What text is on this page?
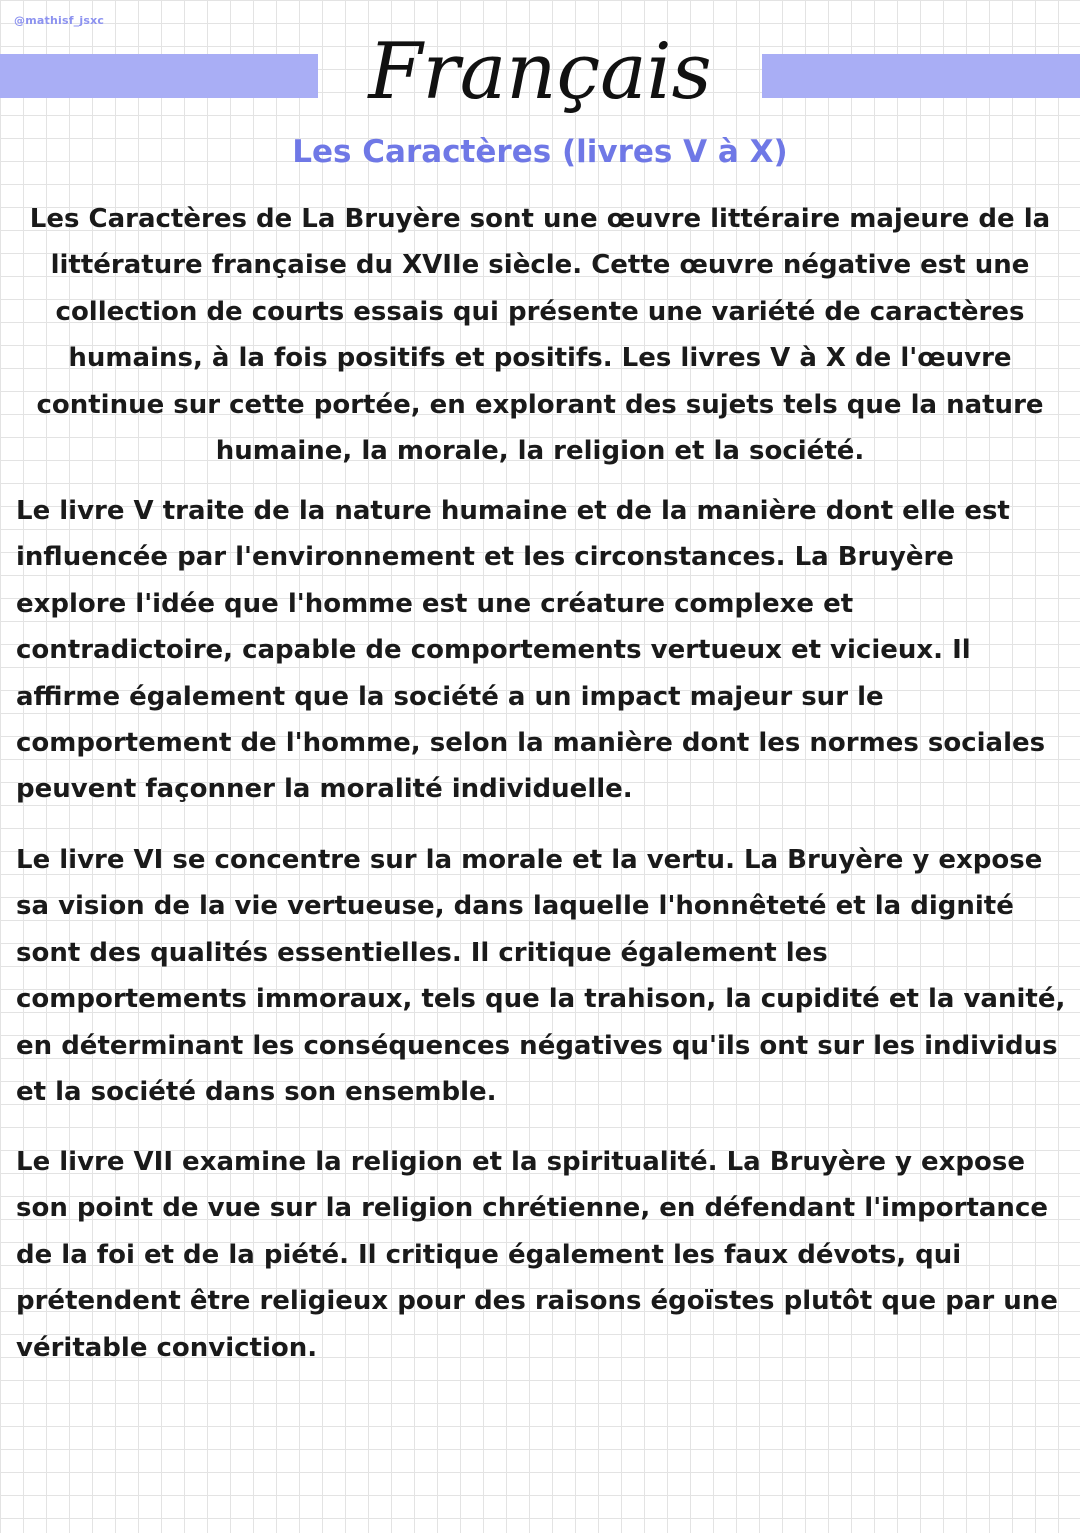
@mathisf_jsxc
Français
Les Caractères (livres V à X)

Les Caractères de La Bruyère sont une œuvre littéraire majeure de la littérature française du XVIIe siècle. Cette œuvre négative est une collection de courts essais qui présente une variété de caractères humains, à la fois positifs et positifs. Les livres V à X de l'œuvre continue sur cette portée, en explorant des sujets tels que la nature humaine, la morale, la religion et la société.

Le livre V traite de la nature humaine et de la manière dont elle est influencée par l'environnement et les circonstances. La Bruyère explore l'idée que l'homme est une créature complexe et contradictoire, capable de comportements vertueux et vicieux. Il affirme également que la société a un impact majeur sur le comportement de l'homme, selon la manière dont les normes sociales peuvent façonner la moralité individuelle.

Le livre VI se concentre sur la morale et la vertu. La Bruyère y expose sa vision de la vie vertueuse, dans laquelle l'honnêteté et la dignité sont des qualités essentielles. Il critique également les comportements immoraux, tels que la trahison, la cupidité et la vanité, en déterminant les conséquences négatives qu'ils ont sur les individus et la société dans son ensemble.

Le livre VII examine la religion et la spiritualité. La Bruyère y expose son point de vue sur la religion chrétienne, en défendant l'importance de la foi et de la piété. Il critique également les faux dévots, qui prétendent être religieux pour des raisons égoïstes plutôt que par une véritable conviction.
